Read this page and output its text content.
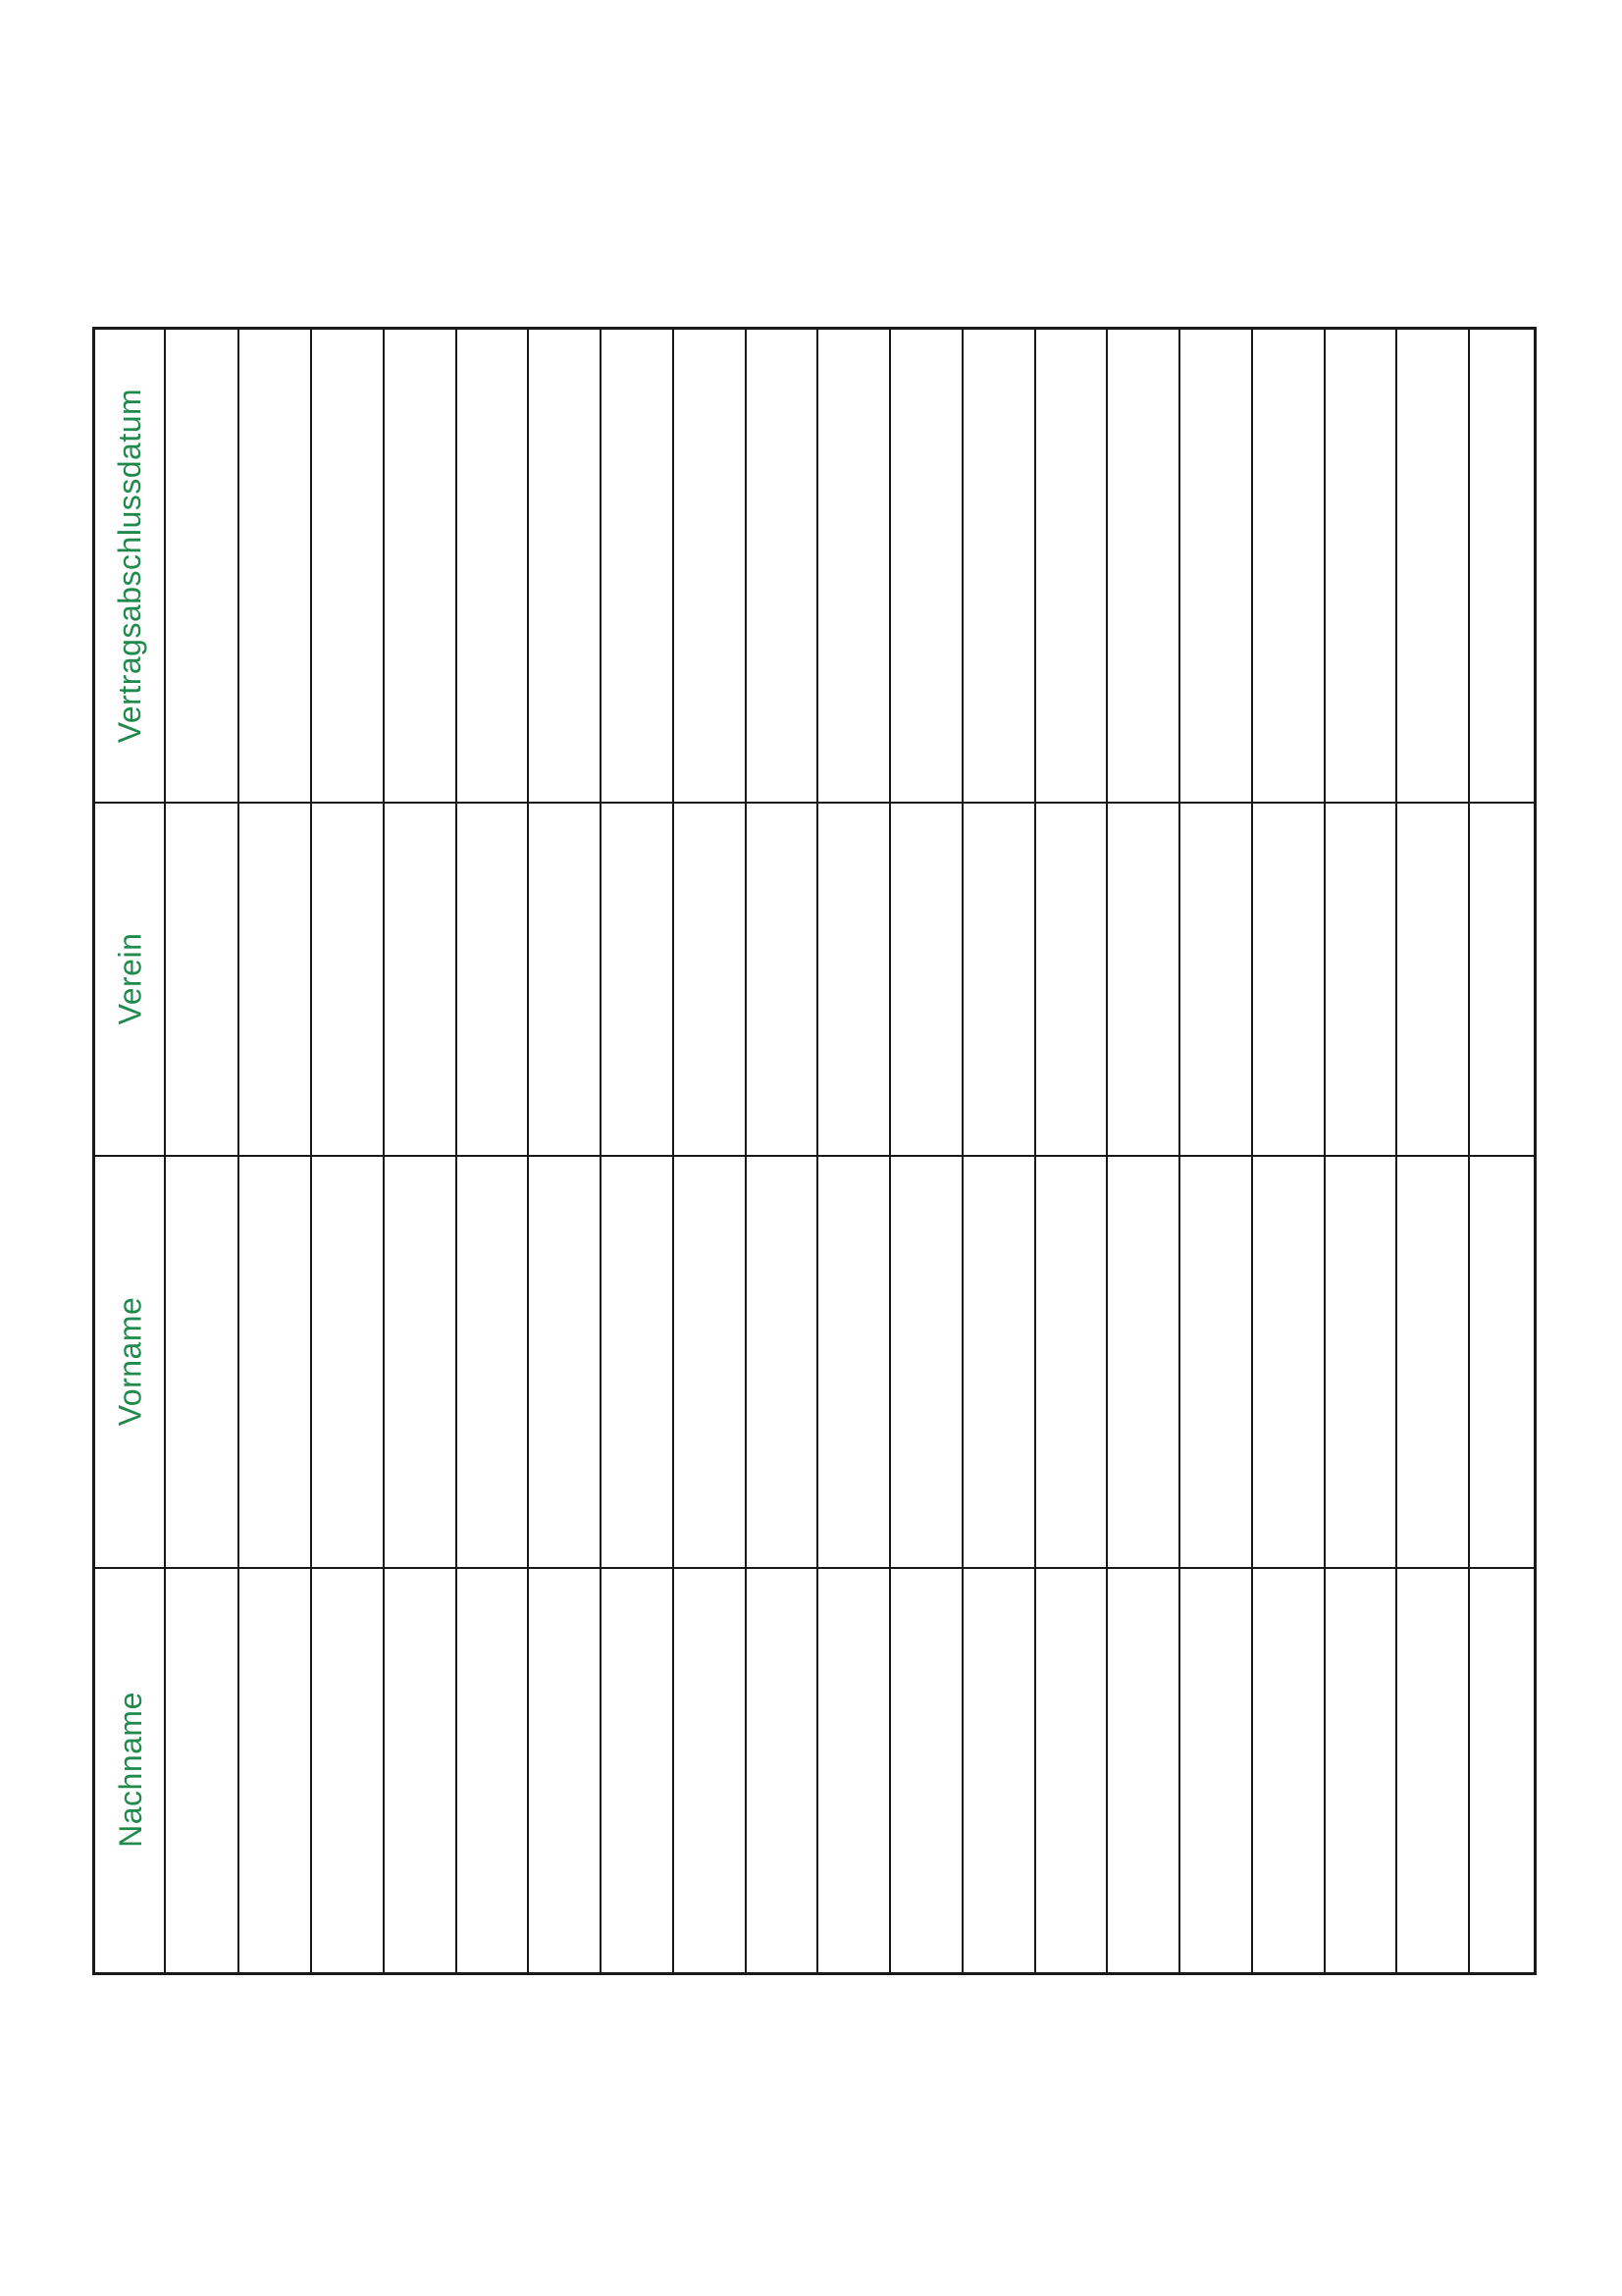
Vertragsabschlussdatum
Verein
Vorname
Nachname
